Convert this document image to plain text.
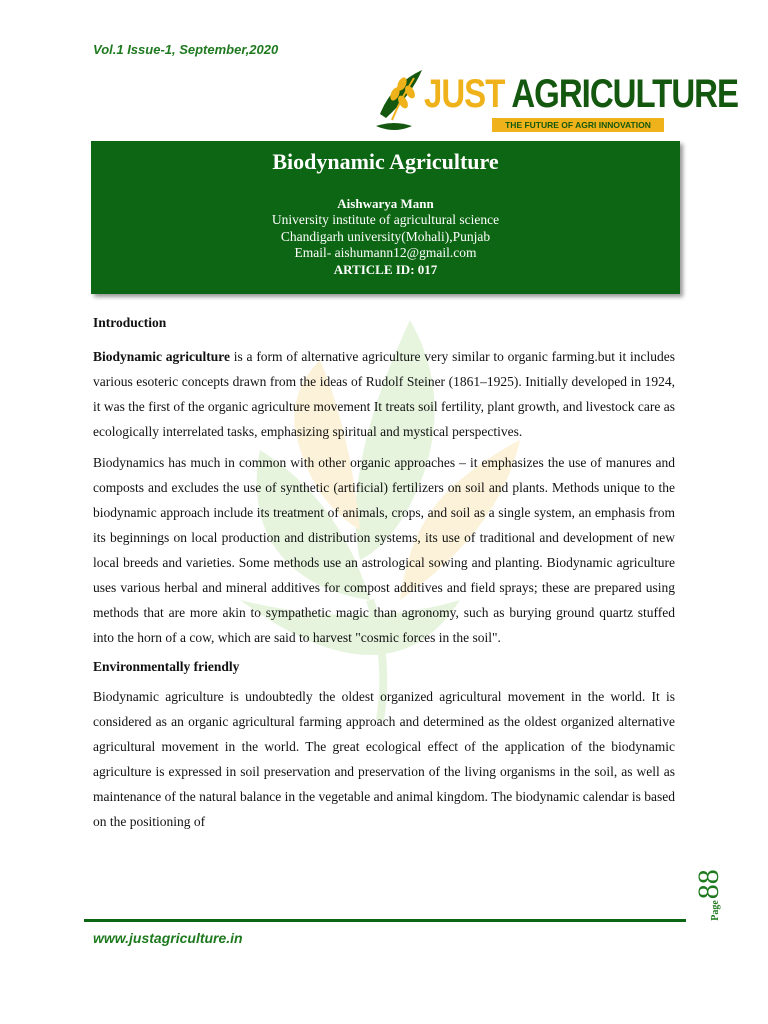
Vol.1 Issue-1, September,2020
JUST AGRICULTURE
THE FUTURE OF AGRI INNOVATION
Biodynamic Agriculture
Aishwarya Mann
University institute of agricultural science
Chandigarh university(Mohali),Punjab
Email- aishumann12@gmail.com
ARTICLE ID: 017
Introduction

Biodynamic agriculture is a form of alternative agriculture very similar to organic farming.but it includes various esoteric concepts drawn from the ideas of Rudolf Steiner (1861–1925). Initially developed in 1924, it was the first of the organic agriculture movement It treats soil fertility, plant growth, and livestock care as ecologically interrelated tasks, emphasizing spiritual and mystical perspectives.

Biodynamics has much in common with other organic approaches – it emphasizes the use of manures and composts and excludes the use of synthetic (artificial) fertilizers on soil and plants. Methods unique to the biodynamic approach include its treatment of animals, crops, and soil as a single system, an emphasis from its beginnings on local production and distribution systems, its use of traditional and development of new local breeds and varieties. Some methods use an astrological sowing and planting. Biodynamic agriculture uses various herbal and mineral additives for compost additives and field sprays; these are prepared using methods that are more akin to sympathetic magic than agronomy, such as burying ground quartz stuffed into the horn of a cow, which are said to harvest "cosmic forces in the soil".

Environmentally friendly

Biodynamic agriculture is undoubtedly the oldest organized agricultural movement in the world. It is considered as an organic agricultural farming approach and determined as the oldest organized alternative agricultural movement in the world. The great ecological effect of the application of the biodynamic agriculture is expressed in soil preservation and preservation of the living organisms in the soil, as well as maintenance of the natural balance in the vegetable and animal kingdom. The biodynamic calendar is based on the positioning of

Page
88
www.justagriculture.in
